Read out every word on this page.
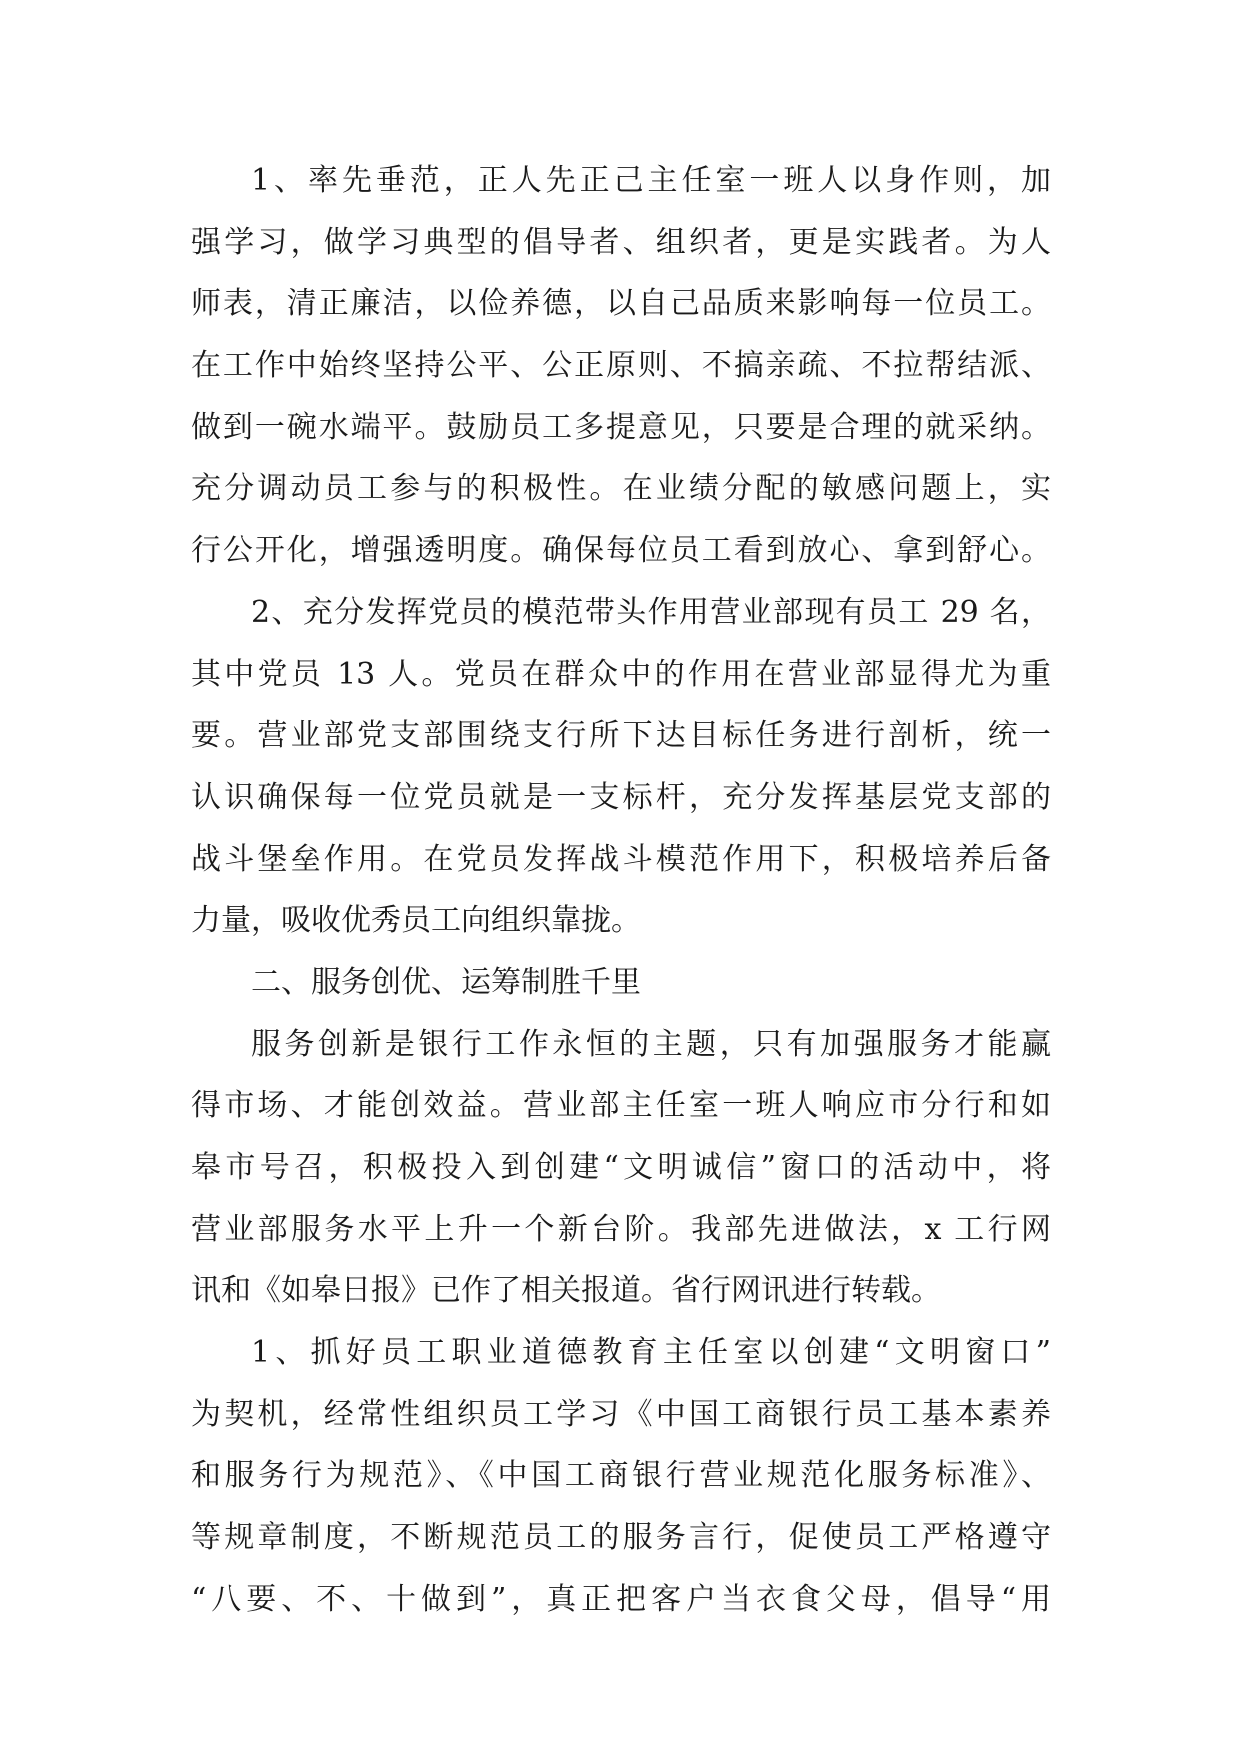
1、率先垂范，正人先正己主任室一班人以身作则，加
强学习，做学习典型的倡导者、组织者，更是实践者。为人
师表，清正廉洁，以俭养德，以自己品质来影响每一位员工。
在工作中始终坚持公平、公正原则、不搞亲疏、不拉帮结派、
做到一碗水端平。鼓励员工多提意见，只要是合理的就采纳。
充分调动员工参与的积极性。在业绩分配的敏感问题上，实
行公开化，增强透明度。确保每位员工看到放心、拿到舒心。
2、充分发挥党员的模范带头作用营业部现有员工 29 名，
其中党员 13 人。党员在群众中的作用在营业部显得尤为重
要。营业部党支部围绕支行所下达目标任务进行剖析，统一
认识确保每一位党员就是一支标杆，充分发挥基层党支部的
战斗堡垒作用。在党员发挥战斗模范作用下，积极培养后备
力量，吸收优秀员工向组织靠拢。
二、服务创优、运筹制胜千里
服务创新是银行工作永恒的主题，只有加强服务才能赢
得市场、才能创效益。营业部主任室一班人响应市分行和如
皋市号召，积极投入到创建“文明诚信”窗口的活动中，将
营业部服务水平上升一个新台阶。我部先进做法，x 工行网
讯和《如皋日报》已作了相关报道。省行网讯进行转载。
1、抓好员工职业道德教育主任室以创建“文明窗口”
为契机，经常性组织员工学习《中国工商银行员工基本素养
和服务行为规范》、《中国工商银行营业规范化服务标准》、
等规章制度，不断规范员工的服务言行，促使员工严格遵守
“八要、不、十做到”，真正把客户当衣食父母，倡导“用
